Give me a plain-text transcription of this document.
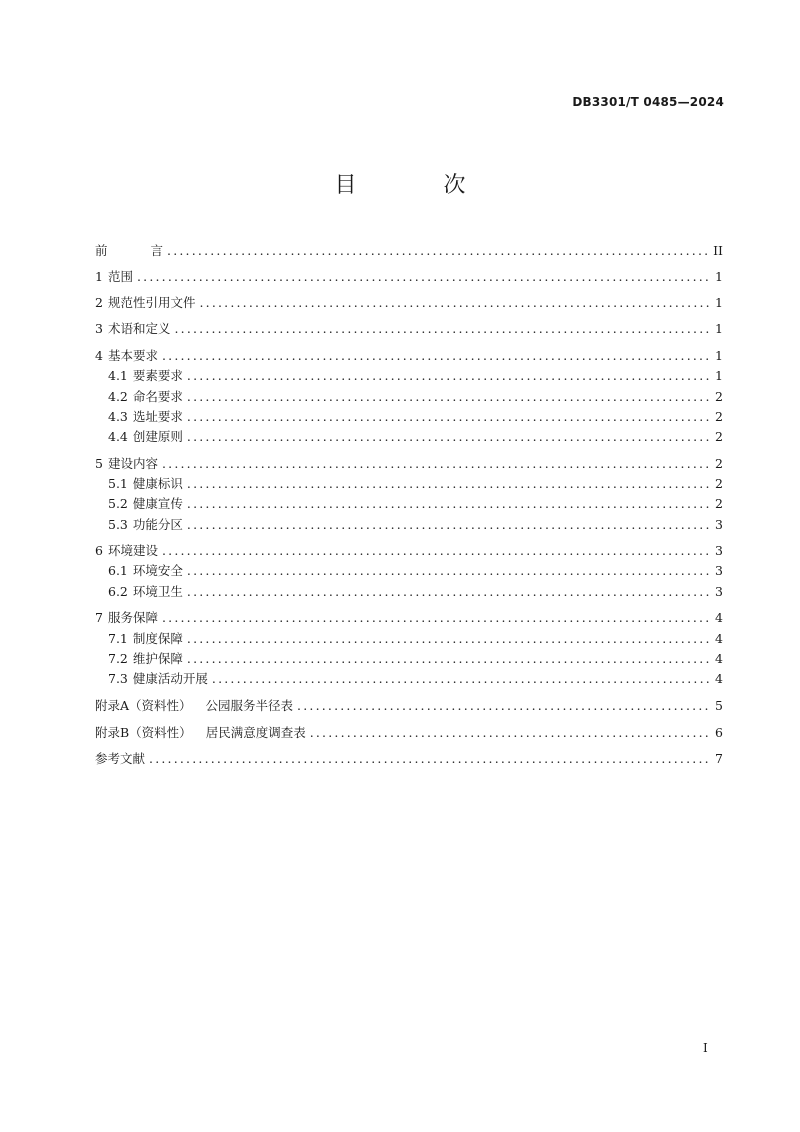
DB3301/T 0485—2024
目 次
前	言 .....	II
1 范围 .....	1
2 规范性引用文件 .....	1
3 术语和定义 .....	1
4 基本要求 .....	1
4.1 要素要求 .....	1
4.2 命名要求 .....	2
4.3 选址要求 .....	2
4.4 创建原则 .....	2
5 建设内容 .....	2
5.1 健康标识 .....	2
5.2 健康宣传 .....	2
5.3 功能分区 .....	3
6 环境建设 .....	3
6.1 环境安全 .....	3
6.2 环境卫生 .....	3
7 服务保障 .....	4
7.1 制度保障 .....	4
7.2 维护保障 .....	4
7.3 健康活动开展 .....	4
附录A（资料性） 公园服务半径表 .....	5
附录B（资料性） 居民满意度调查表 .....	6
参考文献 .....	7
I
